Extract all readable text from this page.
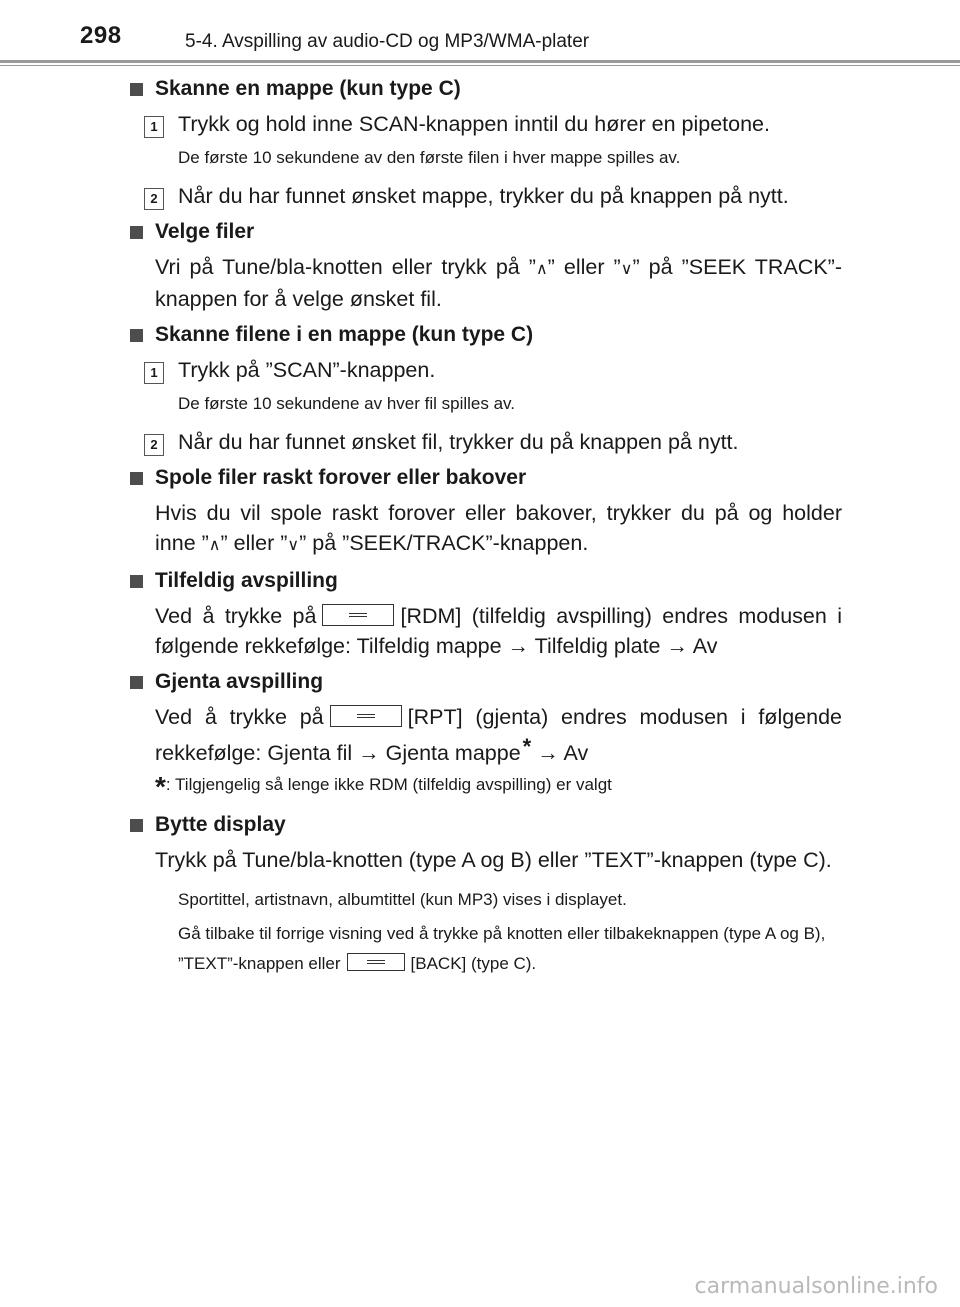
298	5-4. Avspilling av audio-CD og MP3/WMA-plater
Skanne en mappe (kun type C)
1 Trykk og hold inne SCAN-knappen inntil du hører en pipetone.
De første 10 sekundene av den første filen i hver mappe spilles av.
2 Når du har funnet ønsket mappe, trykker du på knappen på nytt.
Velge filer
Vri på Tune/bla-knotten eller trykk på ”∧” eller ”∨” på ”SEEK TRACK”-knappen for å velge ønsket fil.
Skanne filene i en mappe (kun type C)
1 Trykk på ”SCAN”-knappen.
De første 10 sekundene av hver fil spilles av.
2 Når du har funnet ønsket fil, trykker du på knappen på nytt.
Spole filer raskt forover eller bakover
Hvis du vil spole raskt forover eller bakover, trykker du på og holder inne ”∧” eller ”∨” på ”SEEK/TRACK”-knappen.
Tilfeldig avspilling
Ved å trykke på	[RDM] (tilfeldig avspilling) endres modusen i følgende rekkefølge: Tilfeldig mappe → Tilfeldig plate → Av
Gjenta avspilling
Ved å trykke på	[RPT] (gjenta) endres modusen i følgende rekkefølge: Gjenta fil → Gjenta mappe* → Av
*: Tilgjengelig så lenge ikke RDM (tilfeldig avspilling) er valgt
Bytte display
Trykk på Tune/bla-knotten (type A og B) eller ”TEXT”-knappen (type C).
Sportittel, artistnavn, albumtittel (kun MP3) vises i displayet.
Gå tilbake til forrige visning ved å trykke på knotten eller tilbakeknappen (type A og B), ”TEXT”-knappen eller	[BACK] (type C).
carmanualsonline.info
